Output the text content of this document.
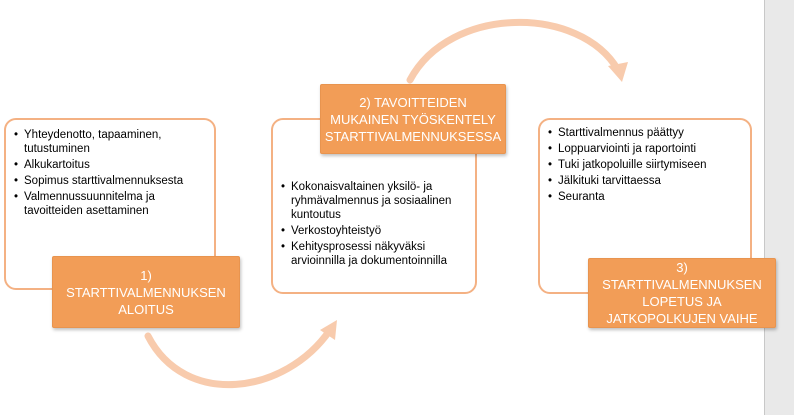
• Yhteydenotto, tapaaminen, tutustuminen
• Alkukartoitus
• Sopimus starttivalmennuksesta
• Valmennussuunnitelma ja tavoitteiden asettaminen
1) STARTTIVALMENNUKSEN ALOITUS
• Kokonaisvaltainen yksilö- ja ryhmävalmennus ja sosiaalinen kuntoutus
• Verkostoyhteistyö
• Kehitysprosessi näkyväksi arvioinnilla ja dokumentoinnilla
2) TAVOITTEIDEN MUKAINEN TYÖSKENTELY STARTTIVALMENNUKSESSA
•	Starttivalmennus päättyy
• Loppuarviointi ja raportointi
• Tuki jatkopoluille siirtymiseen
• Jälkituki tarvittaessa
• Seuranta
3) STARTTIVALMENNUKSEN LOPETUS JA JATKOPOLKUJEN VAIHE
